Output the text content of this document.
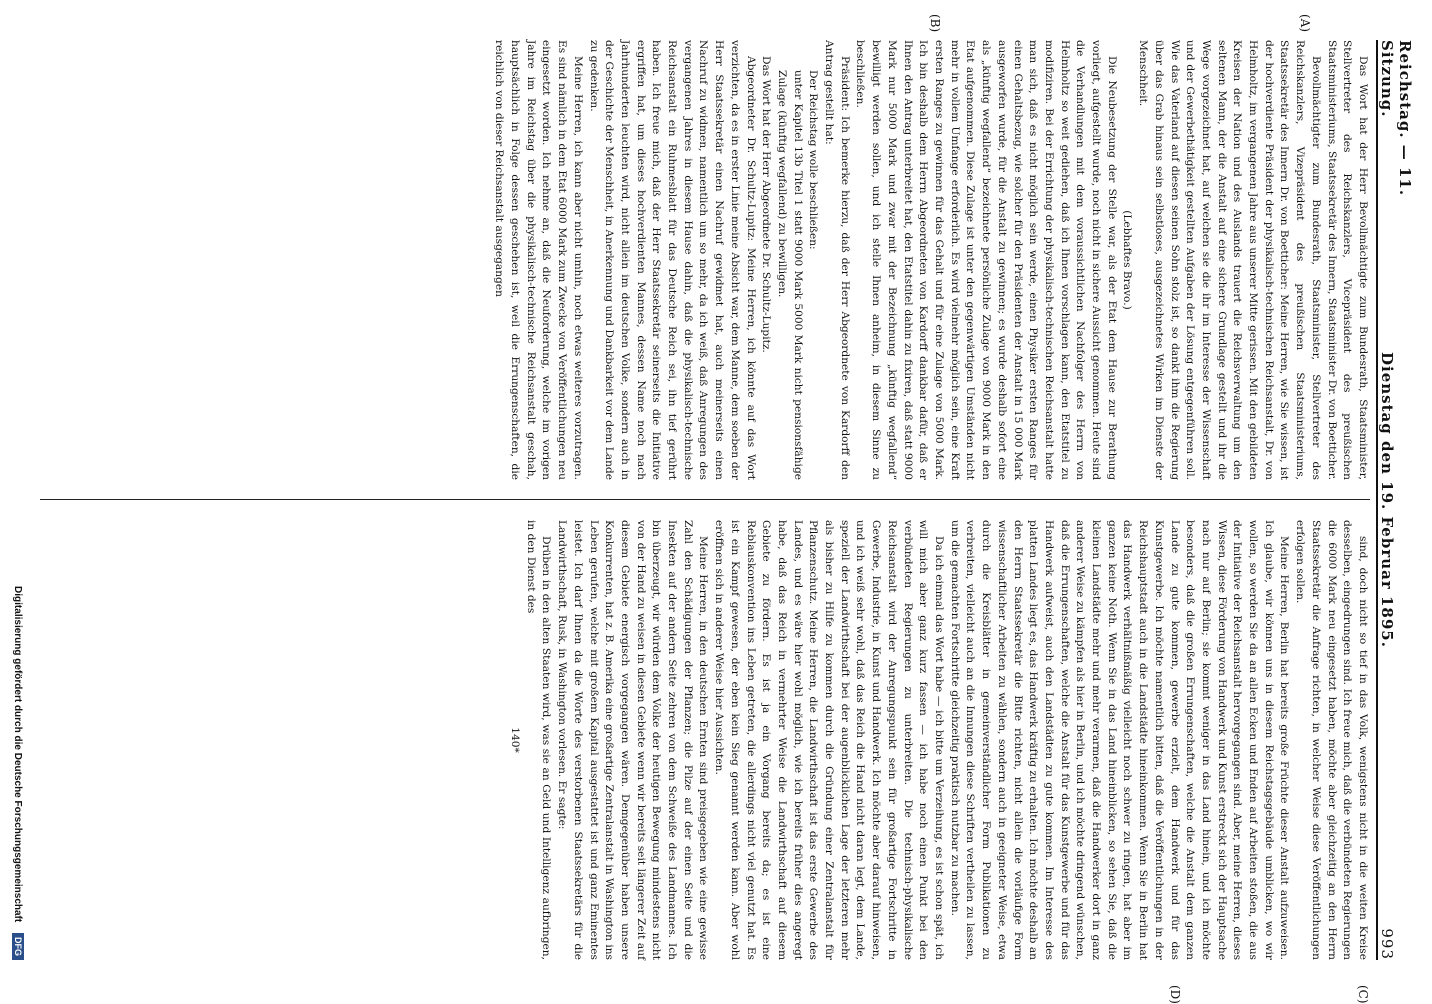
Reichstag. — 11. Sitzung.
Dienstag den 19. Februar 1895.
993
(A)
(B)
(C)
(D)

Das Wort hat der Herr Bevollmächtigte zum Bundesrath, Staatsminister, Stellvertreter des Reichskanzlers, Vicepräsident des preußischen Staatsministeriums, Staatssekretär des Innern, Staatsminister Dr. von Boetticher.

Bevollmächtigter zum Bundesrath, Staatsminister, Stellvertreter des Reichskanzlers, Vizepräsident des preußischen Staatsministeriums, Staatssekretär des Innern Dr. von Boetticher: Meine Herren, wie Sie wissen, ist der hochverdiente Präsident der physikalisch-technischen Reichsanstalt, Dr. von Helmholtz, im vergangenen Jahre aus unserer Mitte gerissen. Mit den gebildeten Kreisen der Nation und des Auslands trauert die Reichsverwaltung um den seltenen Mann, der die Anstalt auf eine sichere Grundlage gestellt und ihr die Wege vorgezeichnet hat, auf welchen sie die ihr im Interesse der Wissenschaft und der Gewerbethätigkeit gestellten Aufgaben der Lösung entgegenführen soll. Wie das Vaterland auf diesen seinen Sohn stolz ist, so dankt ihm die Regierung über das Grab hinaus sein selbstloses, ausgezeichnetes Wirken im Dienste der Menschheit.

(Lebhaftes Bravo.)

Die Neubesetzung der Stelle war, als der Etat dem Hause zur Berathung vorliegt, aufgestellt wurde, noch nicht in sichere Aussicht genommen. Heute sind die Verhandlungen mit dem voraussichtlichen Nachfolger des Herrn von Helmholtz so weit gediehen, daß ich Ihnen vorschlagen kann, den Etatstitel zu modifiziren. Bei der Errichtung der physikalisch-technischen Reichsanstalt hatte man sich, daß es nicht möglich sein werde, einen Physiker ersten Ranges für einen Gehaltsbezug, wie solcher für den Präsidenten der Anstalt in 15 000 Mark ausgeworfen wurde, für die Anstalt zu gewinnen; es wurde deshalb sofort eine als „künftig wegfallend“ bezeichnete persönliche Zulage von 9000 Mark in den Etat aufgenommen. Diese Zulage ist unter den gegenwärtigen Umständen nicht mehr in vollem Umfange erforderlich. Es wird vielmehr möglich sein, eine Kraft ersten Ranges zu gewinnen für das Gehalt und für eine Zulage von 5000 Mark. Ich bin deshalb dem Herrn Abgeordneten von Kardorff dankbar dafür, daß er Ihnen den Antrag unterbreitet hat, den Etatstitel dahin zu fixiren, daß statt 9000 Mark nur 5000 Mark und zwar mit der Bezeichnung „künftig wegfallend“ bewilligt werden sollen, und ich stelle Ihnen anheim, in diesem Sinne zu beschließen.

Präsident: Ich bemerke hierzu, daß der Herr Abgeordnete von Kardorff den Antrag gestellt hat:

Der Reichstag wolle beschließen:

unter Kapitel 13b Titel 1 statt 9000 Mark 5000 Mark nicht pensionsfähige Zulage (künftig wegfallend) zu bewilligen.

Das Wort hat der Herr Abgeordnete Dr. Schultz-Lupitz.

Abgeordneter Dr. Schultz-Lupitz: Meine Herren, ich könnte auf das Wort verzichten, da es in erster Linie meine Absicht war, dem Manne, dem soeben der Herr Staatssekretär einen Nachruf gewidmet hat, auch meinerseits einen Nachruf zu widmen, namentlich um so mehr, da ich weiß, daß Anregungen des vergangenen Jahres in diesem Hause dahin, daß die physikalisch-technische Reichsanstalt ein Ruhmesblatt für das Deutsche Reich sei, ihn tief gerührt haben. Ich freue mich, daß der Herr Staatssekretär seinerseits die Initiative ergriffen hat, um dieses hochverdienten Mannes, dessen Name noch nach Jahrhunderten leuchten wird, nicht allein im deutschen Volke, sondern auch in der Geschichte der Menschheit, in Anerkennung und Dankbarkeit vor dem Lande zu gedenken.

Meine Herren, ich kann aber nicht umhin, noch etwas weiteres vorzutragen. Es sind nämlich in dem Etat 6000 Mark zum Zwecke von Veröffentlichungen neu eingesetzt worden. Ich nehme an, daß die Neuforderung, welche im vorigen Jahre im Reichstag über die physikalisch-technische Reichsanstalt geschah, hauptsächlich in Folge dessen geschehen ist, weil die Errungenschaften, die reichlich von dieser Reichsanstalt ausgegangen

sind, doch nicht so tief in das Volk, wenigstens nicht in die weiten Kreise desselben, eingedrungen sind. Ich freue mich, daß die verbündeten Regierungen die 6000 Mark neu eingesetzt haben, möchte aber gleichzeitig an den Herrn Staatssekretär die Anfrage richten, in welcher Weise diese Veröffentlichungen erfolgen sollen.

Meine Herren, Berlin hat bereits große Früchte dieser Anstalt aufzuweisen. Ich glaube, wir können uns in diesem Reichstagsgebäude umblicken, wo wir wollen, so werden Sie da an allen Ecken und Enden auf Arbeiten stoßen, die aus der Initiative der Reichsanstalt hervorgegangen sind. Aber, meine Herren, dieses Wissen, diese Förderung von Handwerk und Kunst erstreckt sich der Hauptsache nach nur auf Berlin; sie kommt weniger in das Land hinein, und ich möchte besonders, daß die großen Errungenschaften, welche die Anstalt dem ganzen Lande zu gute kommen, gewerbe erzielt, dem Handwerk und für das Kunstgewerbe. Ich möchte namentlich bitten, daß die Veröffentlichungen in der Reichshauptstadt auch in die Landstädte hineinkommen. Wenn Sie in Berlin hat das Handwerk verhältnißmäßig vielleicht noch schwer zu ringen, hat aber im ganzen keine Noth. Wenn Sie in das Land hineinblicken, so sehen Sie, daß die kleinen Landstädte mehr und mehr verarmen, daß die Handwerker dort in ganz anderer Weise zu kämpfen als hier in Berlin, und ich möchte dringend wünschen, daß die Errungenschaften, welche die Anstalt für das Kunstgewerbe und für das Handwerk aufweist, auch den Landstädten zu gute kommen. Im Interesse des platten Landes liegt es, das Handwerk kräftig zu erhalten. Ich möchte deshalb an den Herrn Staatssekretär die Bitte richten, nicht allein die vorläufige Form wissenschaftlicher Arbeiten zu wählen, sondern auch in geeigneter Weise, etwa durch die Kreisblätter in gemeinverständlicher Form Publikationen zu verbreiten, vielleicht auch an die Innungen diese Schriften vertheilen zu lassen, um die gemachten Fortschritte gleichzeitig praktisch nutzbar zu machen.

Da ich einmal das Wort habe — ich bitte um Verzeihung, es ist schon spät, ich will mich aber ganz kurz fassen — ich habe noch einen Punkt bei den verbündeten Regierungen zu unterbreiten. Die technisch-physikalische Reichsanstalt wird der Anregungspunkt sein für großartige Fortschritte in Gewerbe, Industrie, in Kunst und Handwerk. Ich möchte aber darauf hinweisen, und ich weiß sehr wohl, daß das Reich die Hand nicht daran legt, dem Lande, speziell der Landwirthschaft bei der augenblicklichen Lage der letzteren mehr als bisher zu Hilfe zu kommen durch die Gründung einer Zentralanstalt für Pflanzenschutz. Meine Herren, die Landwirthschaft ist das erste Gewerbe des Landes, und es wäre hier wohl möglich, wie ich bereits früher dies angeregt habe, daß das Reich in vermehrter Weise die Landwirthschaft auf diesem Gebiete zu fördern. Es ist ja ein Vorgang bereits da; es ist eine Reblauskonvention ins Leben getreten, die allerdings nicht viel genutzt hat. Es ist ein Kampf gewesen, der eben kein Sieg genannt werden kann. Aber wohl eröffnen sich in anderer Weise hier Aussichten.

Meine Herren, in den deutschen Ernten sind preisgegeben wie eine gewisse Zahl den Schädigungen der Pflanzen; die Pilze auf der einen Seite und die Insekten auf der andern Seite zehren von dem Schweiße des Landmannes. Ich bin überzeugt, wir würden dem Volke der heutigen Bewegung mindestens nicht von der Hand zu weisen in diesen Gebiete wenn wir bereits seit längerer Zeit auf diesem Gebiete energisch vorgegangen wären. Demgegenüber haben unsere Konkurrenten, hat z. B. Amerika eine großartige Zentralanstalt in Washington ins Leben gerufen, welche mit großem Kapital ausgestattet ist und ganz Eminentes leistet. Ich darf Ihnen da die Worte des verstorbenen Staatssekretärs für die Landwirthschaft, Rusk, in Washington vorlesen. Er sagte:

Drüben in den alten Staaten wird, was sie an Geld und Intelligenz aufbringen, in den Dienst des

140*

Digitalisierung gefördert durch die Deutsche Forschungsgemeinschaft DFG
